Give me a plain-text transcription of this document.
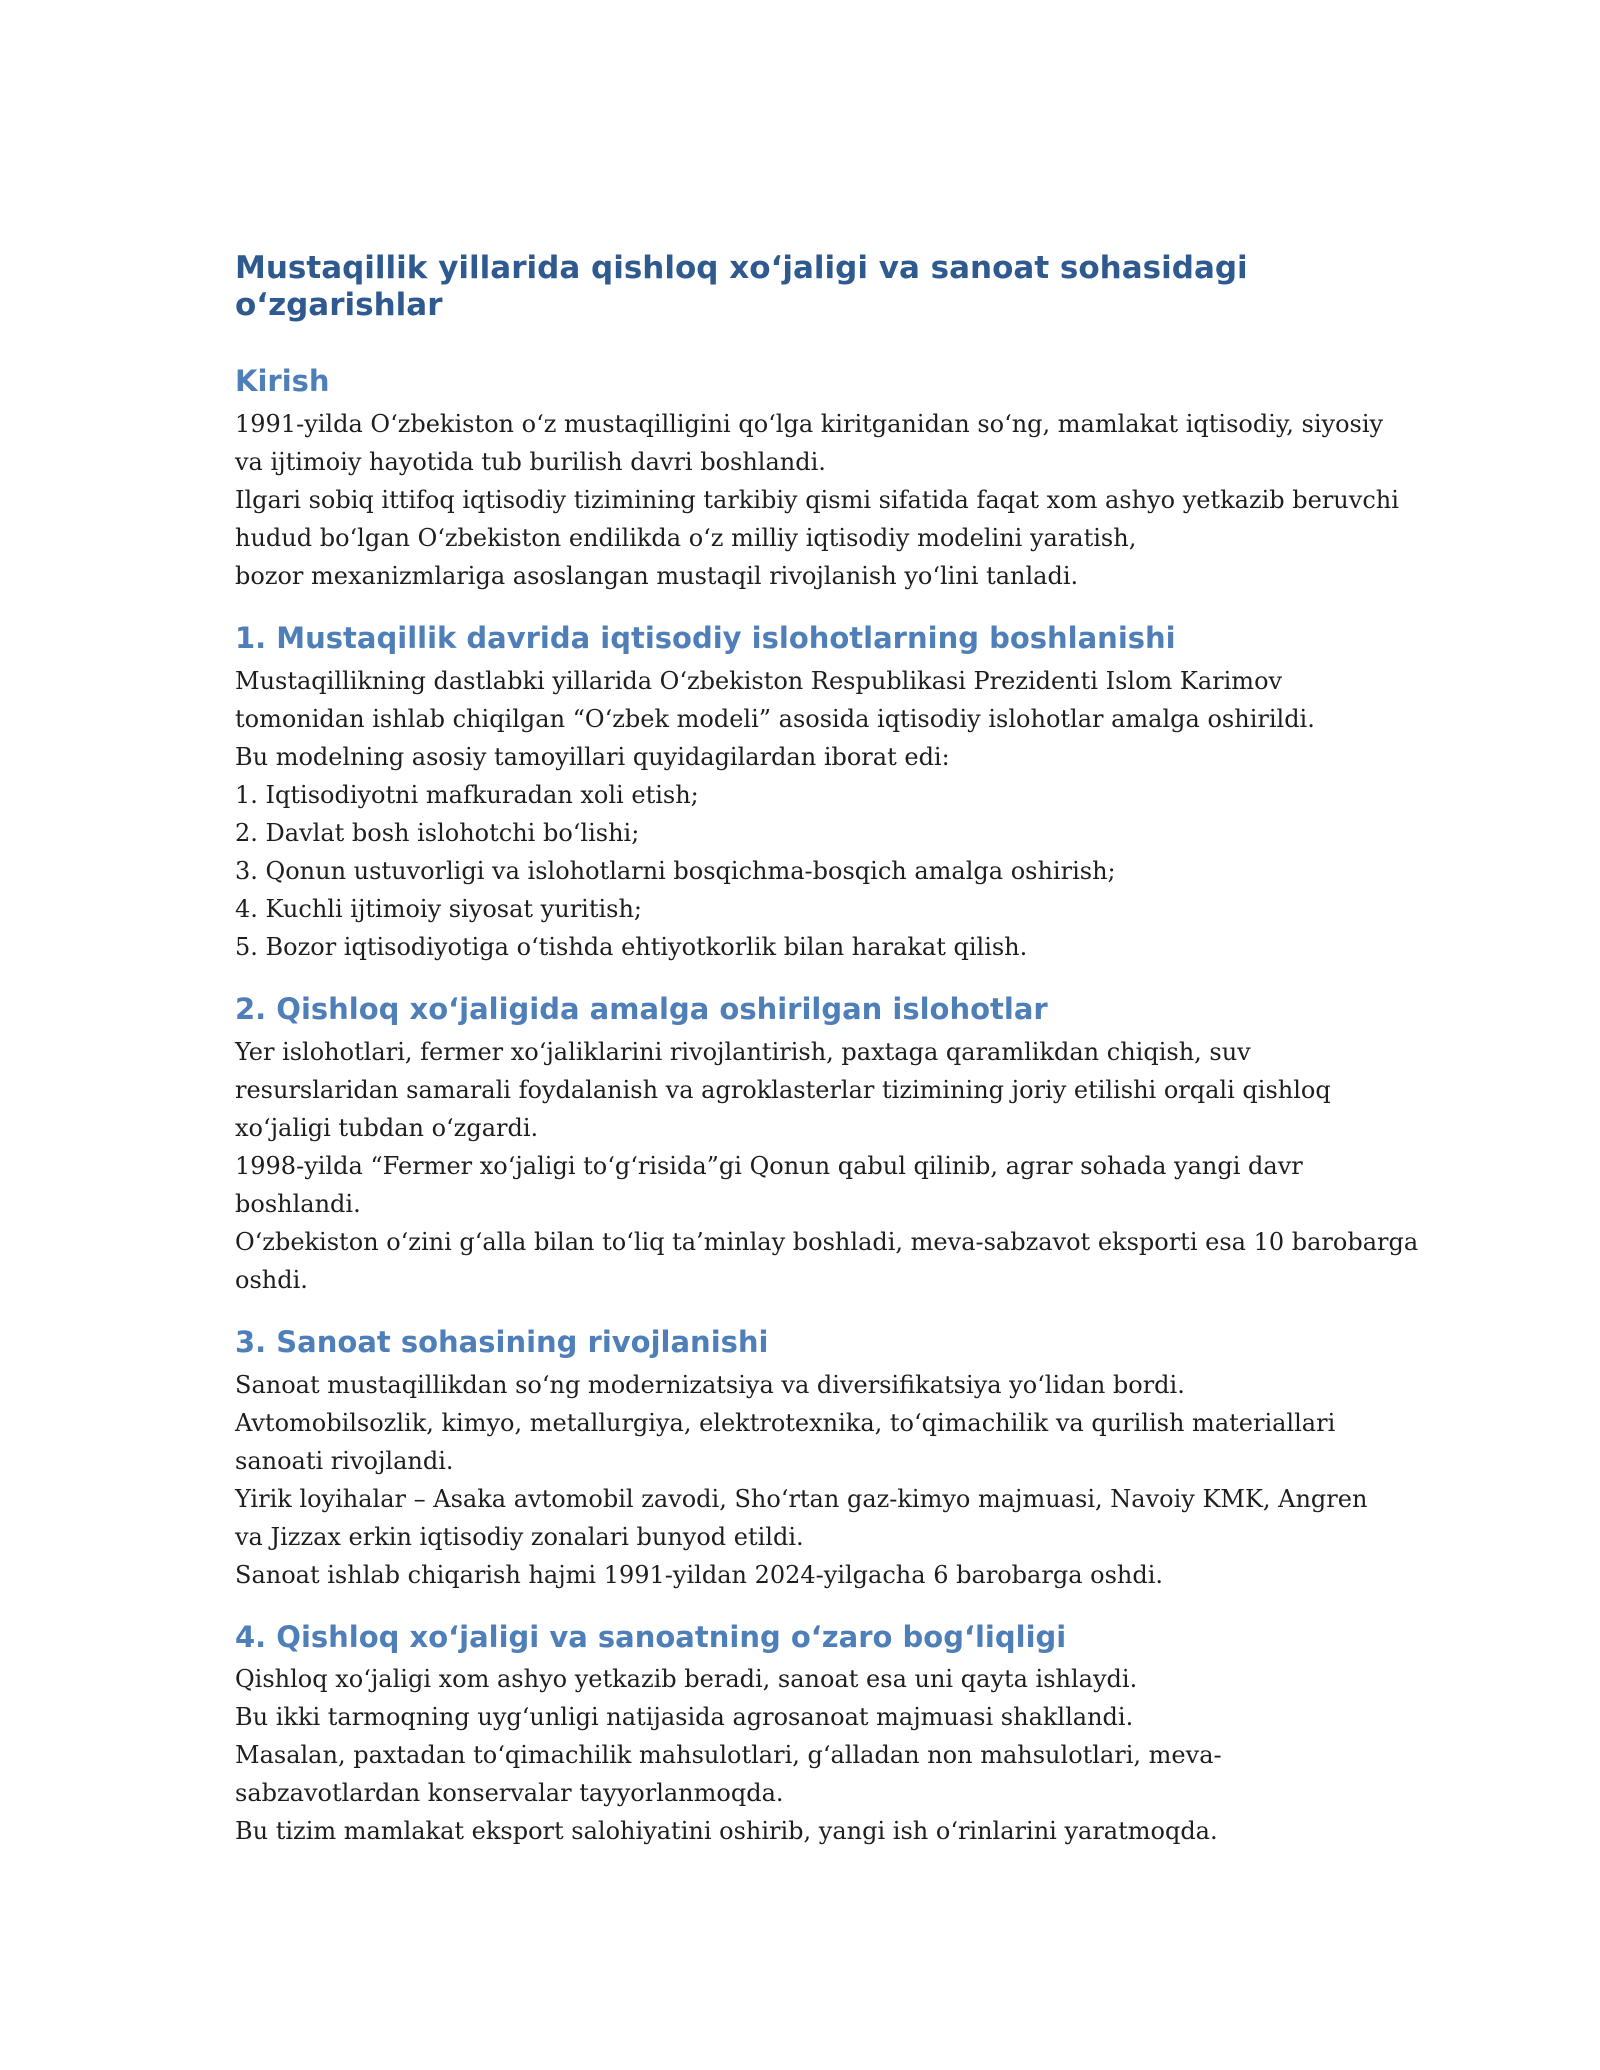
Mustaqillik yillarida qishloq xo‘jaligi va sanoat sohasidagi o‘zgarishlar
Kirish
1991-yilda O‘zbekiston o‘z mustaqilligini qo‘lga kiritganidan so‘ng, mamlakat iqtisodiy, siyosiy
va ijtimoiy hayotida tub burilish davri boshlandi.
Ilgari sobiq ittifoq iqtisodiy tizimining tarkibiy qismi sifatida faqat xom ashyo yetkazib beruvchi
hudud bo‘lgan O‘zbekiston endilikda o‘z milliy iqtisodiy modelini yaratish,
bozor mexanizmlariga asoslangan mustaqil rivojlanish yo‘lini tanladi.
1. Mustaqillik davrida iqtisodiy islohotlarning boshlanishi
Mustaqillikning dastlabki yillarida O‘zbekiston Respublikasi Prezidenti Islom Karimov
tomonidan ishlab chiqilgan “O‘zbek modeli” asosida iqtisodiy islohotlar amalga oshirildi.
Bu modelning asosiy tamoyillari quyidagilardan iborat edi:
1. Iqtisodiyotni mafkuradan xoli etish;
2. Davlat bosh islohotchi bo‘lishi;
3. Qonun ustuvorligi va islohotlarni bosqichma-bosqich amalga oshirish;
4. Kuchli ijtimoiy siyosat yuritish;
5. Bozor iqtisodiyotiga o‘tishda ehtiyotkorlik bilan harakat qilish.
2. Qishloq xo‘jaligida amalga oshirilgan islohotlar
Yer islohotlari, fermer xo‘jaliklarini rivojlantirish, paxtaga qaramlikdan chiqish, suv
resurslaridan samarali foydalanish va agroklasterlar tizimining joriy etilishi orqali qishloq
xo‘jaligi tubdan o‘zgardi.
1998-yilda “Fermer xo‘jaligi to‘g‘risida”gi Qonun qabul qilinib, agrar sohada yangi davr
boshlandi.
O‘zbekiston o‘zini g‘alla bilan to‘liq ta’minlay boshladi, meva-sabzavot eksporti esa 10 barobarga
oshdi.
3. Sanoat sohasining rivojlanishi
Sanoat mustaqillikdan so‘ng modernizatsiya va diversifikatsiya yo‘lidan bordi.
Avtomobilsozlik, kimyo, metallurgiya, elektrotexnika, to‘qimachilik va qurilish materiallari
sanoati rivojlandi.
Yirik loyihalar – Asaka avtomobil zavodi, Sho‘rtan gaz-kimyo majmuasi, Navoiy KMK, Angren
va Jizzax erkin iqtisodiy zonalari bunyod etildi.
Sanoat ishlab chiqarish hajmi 1991-yildan 2024-yilgacha 6 barobarga oshdi.
4. Qishloq xo‘jaligi va sanoatning o‘zaro bog‘liqligi
Qishloq xo‘jaligi xom ashyo yetkazib beradi, sanoat esa uni qayta ishlaydi.
Bu ikki tarmoqning uyg‘unligi natijasida agrosanoat majmuasi shakllandi.
Masalan, paxtadan to‘qimachilik mahsulotlari, g‘alladan non mahsulotlari, meva-
sabzavotlardan konservalar tayyorlanmoqda.
Bu tizim mamlakat eksport salohiyatini oshirib, yangi ish o‘rinlarini yaratmoqda.
